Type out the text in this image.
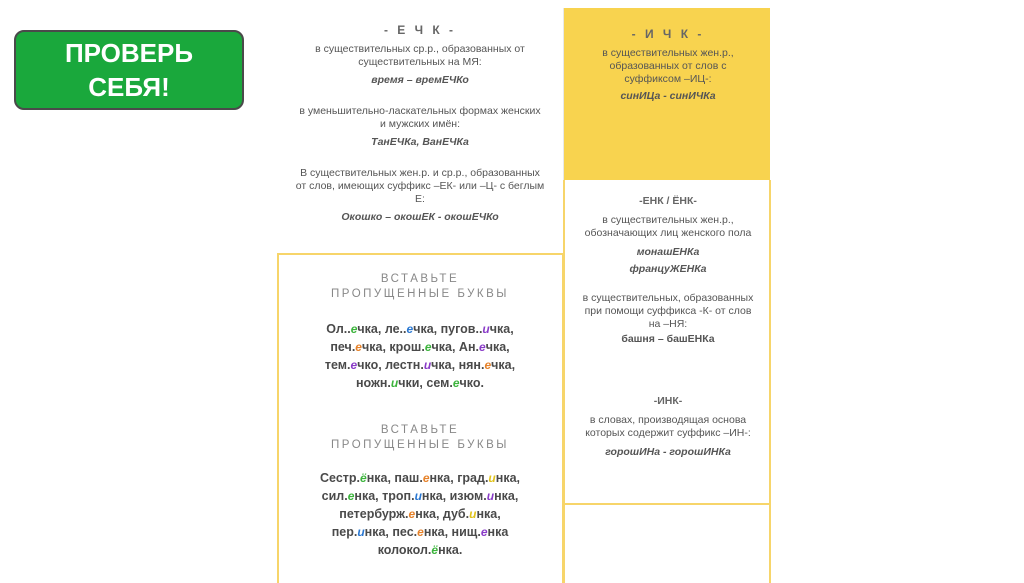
ПРОВЕРЬ
СЕБЯ!
- Е Ч К -
в существительных ср.р., образованных от существительных на МЯ:
время – времЕЧКо
в уменьшительно-ласкательных формах женских и мужских имён:
ТанЕЧКа, ВанЕЧКа
В существительных жен.р. и ср.р., образованных от слов, имеющих суффикс –ЕК- или –Ц- с беглым Е:
Окошко – окошЕК - окошЕЧКо
- И Ч К -
в существительных жен.р., образованных от слов с суффиксом –ИЦ-:
синИЦа - синИЧКа
-ЕНК / ЁНК-
в существительных жен.р., обозначающих лиц женского пола
монашЕНКа
француЖЕНКа
в существительных, образованных при помощи суффикса -К- от слов на –НЯ:
башня – башЕНКа
-ИНК-
в словах, производящая основа которых содержит суффикс –ИН-:
горошИНа - горошИНКа
ВСТАВЬТЕ
ПРОПУЩЕННЫЕ БУКВЫ
Ол..ечка, ле..ечка, пугов..ичка,
печ.ечка, крош.ечка, Ан.ечка,
тем.ечко, лестн.ичка, нян.ечка,
ножн.ички, сем.ечко.
ВСТАВЬТЕ
ПРОПУЩЕННЫЕ БУКВЫ
Сестр.ёнка, паш.енка, град.инка,
сил.енка, троп.инка, изюм.инка,
петербурж.енка, дуб.инка,
пер.инка, пес.енка, нищ.енка
колокол.ёнка.
